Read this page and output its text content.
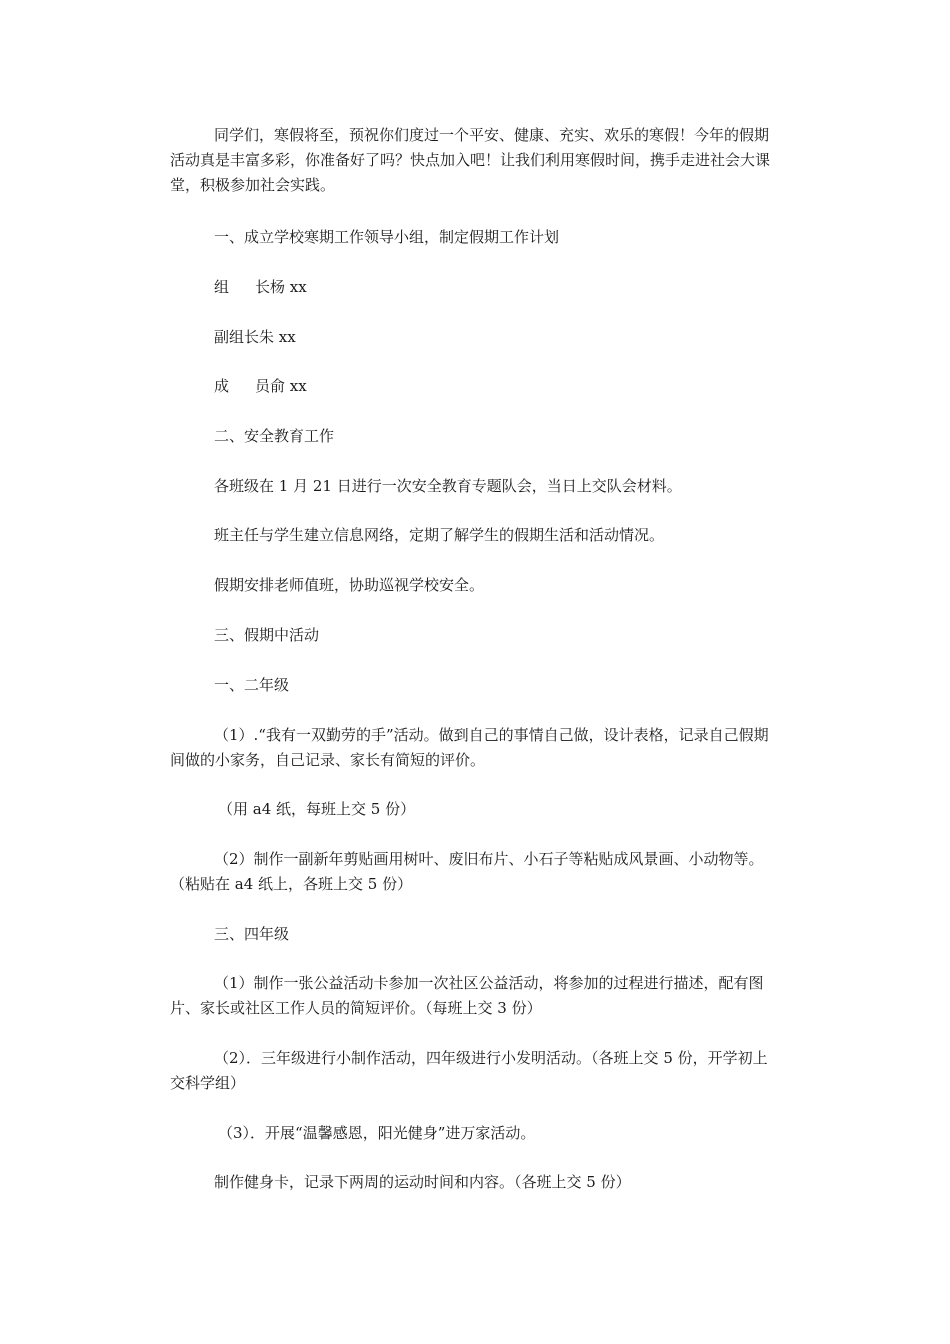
同学们，寒假将至，预祝你们度过一个平安、健康、充实、欢乐的寒假！今年的假期活动真是丰富多彩，你准备好了吗？快点加入吧！让我们利用寒假时间，携手走进社会大课堂，积极参加社会实践。

一、成立学校寒期工作领导小组，制定假期工作计划

组 长杨 xx

副组长朱 xx

成 员俞 xx

二、安全教育工作

各班级在 1 月 21 日进行一次安全教育专题队会，当日上交队会材料。

班主任与学生建立信息网络，定期了解学生的假期生活和活动情况。

假期安排老师值班，协助巡视学校安全。

三、假期中活动

一、二年级

（1）.“我有一双勤劳的手”活动。做到自己的事情自己做，设计表格，记录自己假期间做的小家务，自己记录、家长有简短的评价。

（用 a4 纸，每班上交 5 份）

（2）制作一副新年剪贴画用树叶、废旧布片、小石子等粘贴成风景画、小动物等。（粘贴在 a4 纸上，各班上交 5 份）

三、四年级

（1）制作一张公益活动卡参加一次社区公益活动，将参加的过程进行描述，配有图片、家长或社区工作人员的简短评价。（每班上交 3 份）

（2）．三年级进行小制作活动，四年级进行小发明活动。（各班上交 5 份，开学初上交科学组）

（3）．开展“温馨感恩，阳光健身”进万家活动。

制作健身卡，记录下两周的运动时间和内容。（各班上交 5 份）
